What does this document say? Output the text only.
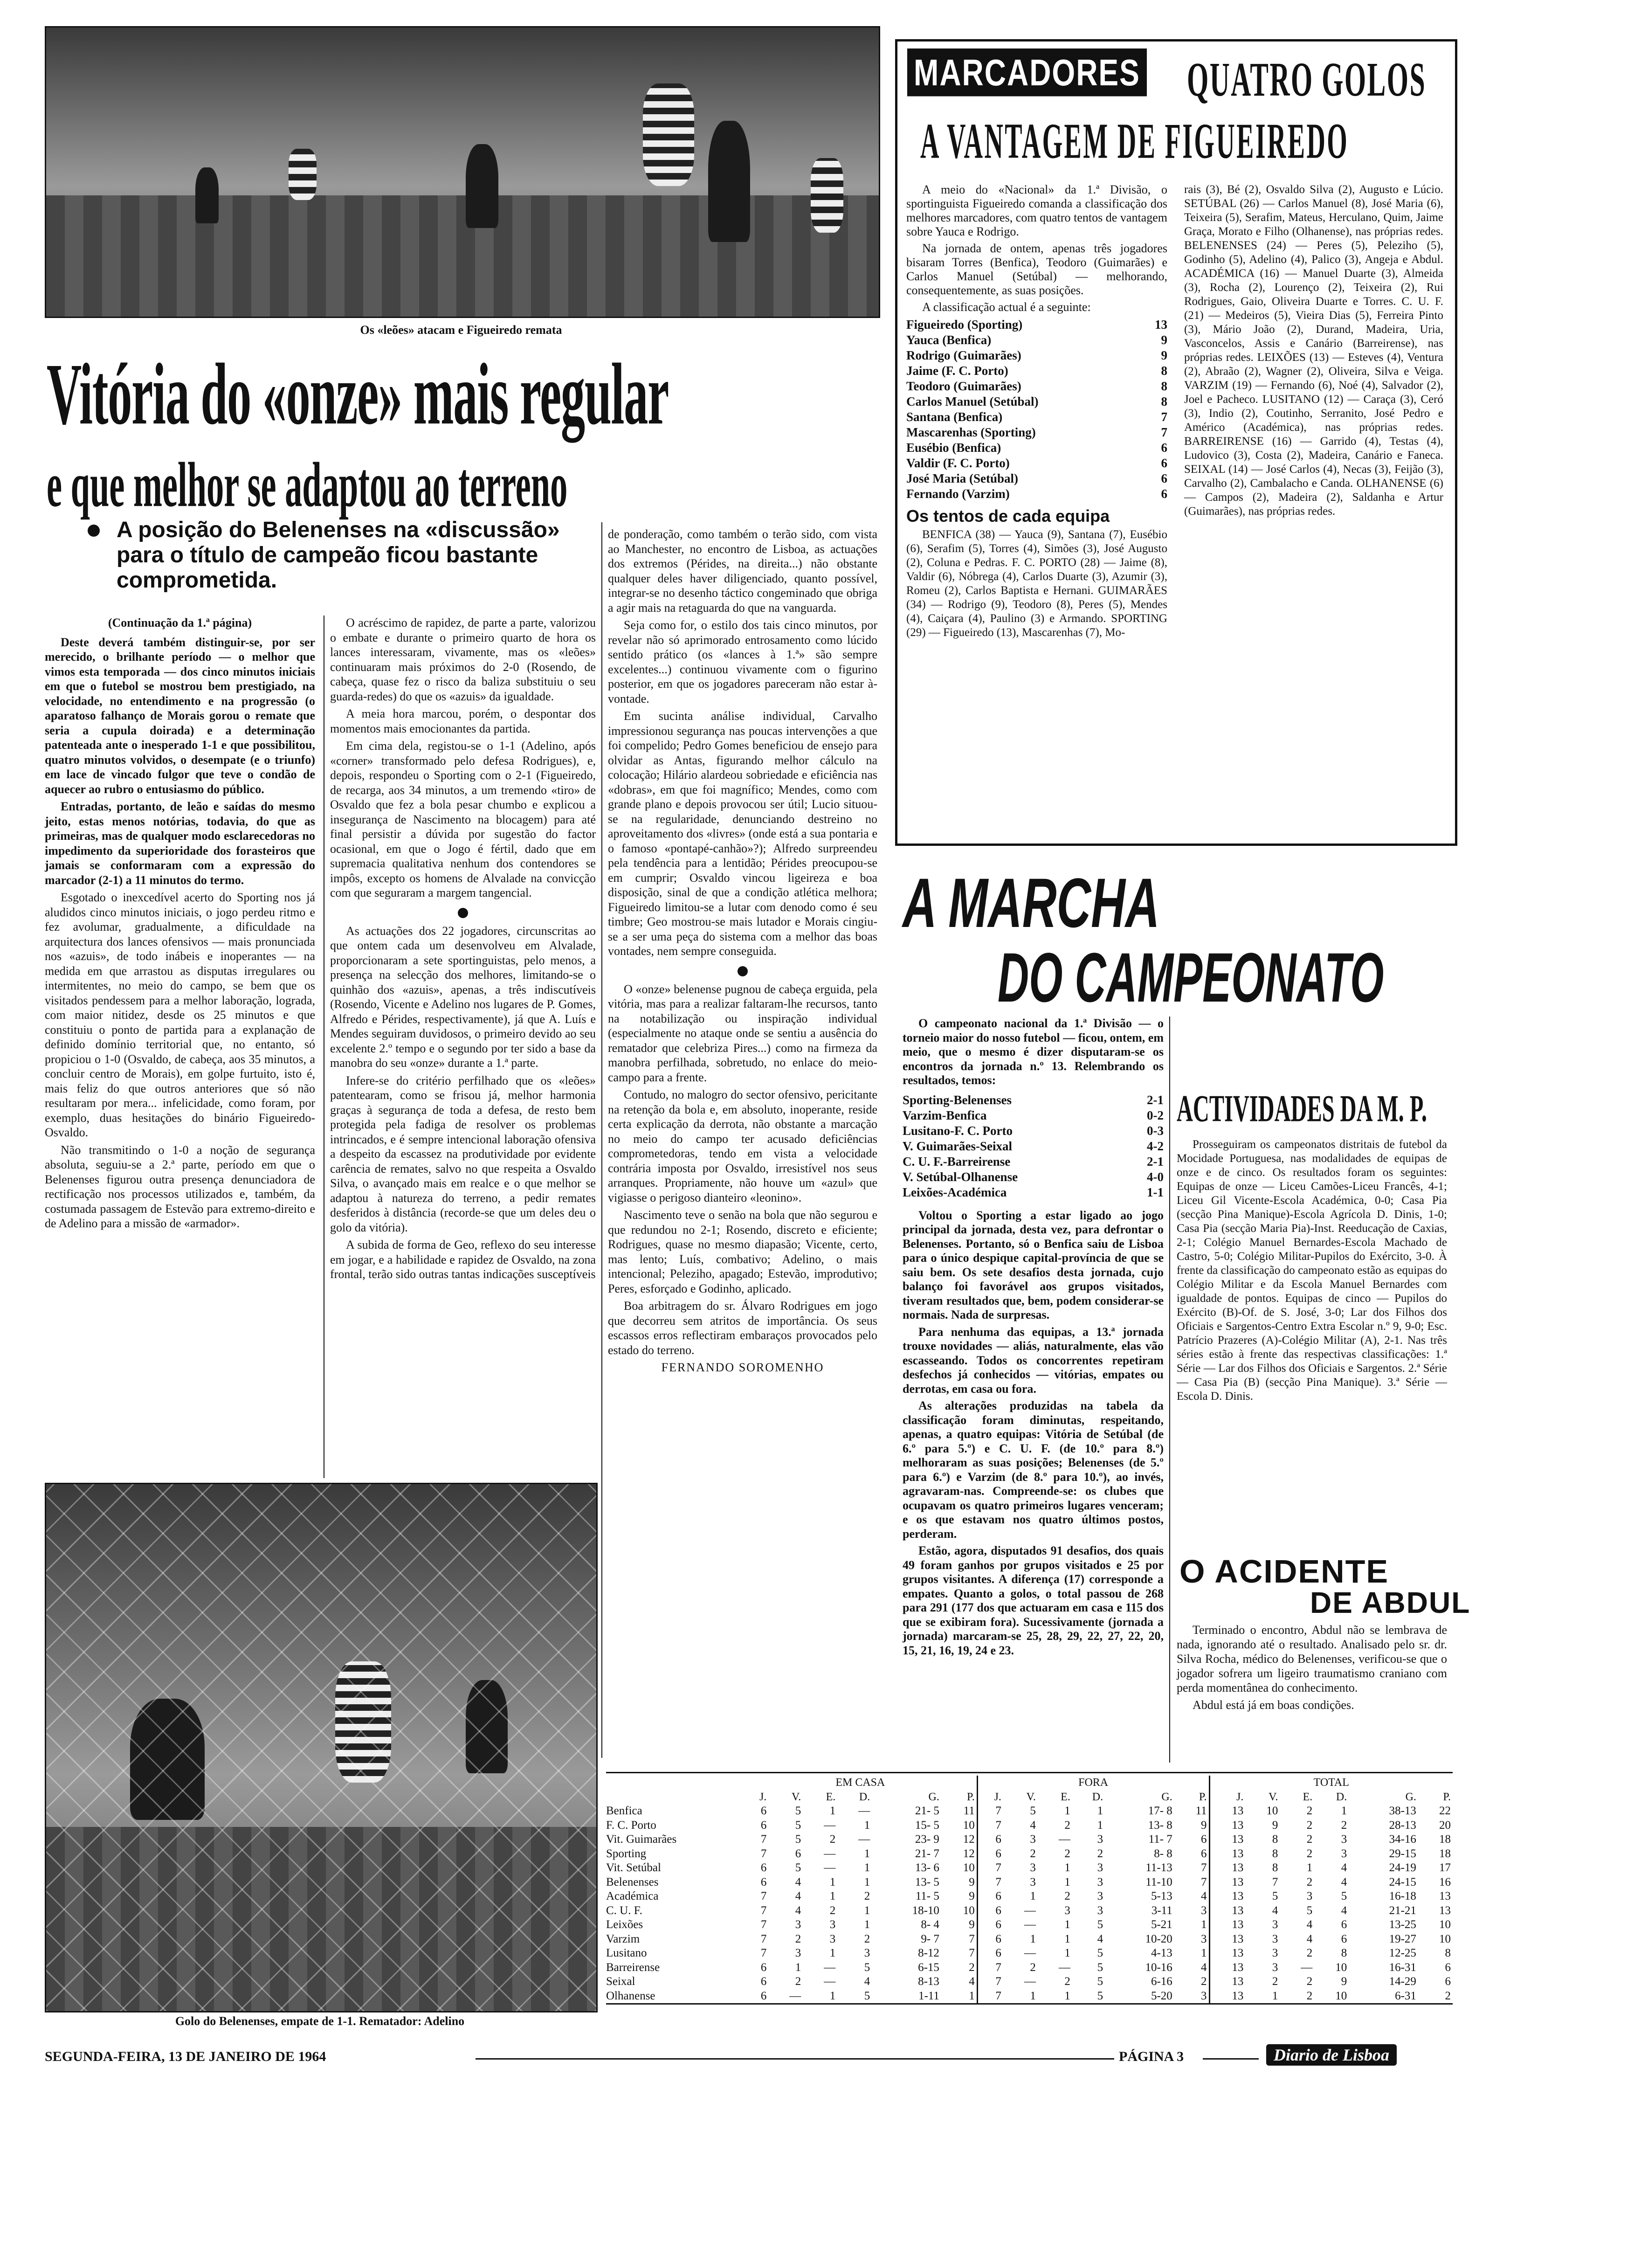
Os «leões» atacam e Figueiredo remata
Vitória do «onze» mais regular
e que melhor se adaptou ao terreno
A posição do Belenenses na «discussão» para o título de campeão ficou bastante comprometida.
(Continuação da 1.ª página)

Deste deverá também distinguir-se, por ser merecido, o brilhante período — o melhor que vimos esta temporada — dos cinco minutos iniciais em que o futebol se mostrou bem prestigiado, na velocidade, no entendimento e na progressão (o aparatoso falhanço de Morais gorou o remate que seria a cupula doirada) e a determinação patenteada ante o inesperado 1-1 e que possibilitou, quatro minutos volvidos, o desempate (e o triunfo) em lace de vincado fulgor que teve o condão de aquecer ao rubro o entusiasmo do público.

Entradas, portanto, de leão e saídas do mesmo jeito, estas menos notórias, todavia, do que as primeiras, mas de qualquer modo esclarecedoras no impedimento da superioridade dos forasteiros que jamais se conformaram com a expressão do marcador (2-1) a 11 minutos do termo.

Esgotado o inexcedível acerto do Sporting nos já aludidos cinco minutos iniciais, o jogo perdeu ritmo e fez avolumar, gradualmente, a dificuldade na arquitectura dos lances ofensivos — mais pronunciada nos «azuis», de todo inábeis e inoperantes — na medida em que arrastou as disputas irregulares ou intermitentes, no meio do campo, se bem que os visitados pendessem para a melhor laboração, lograda, com maior nitidez, desde os 25 minutos e que constituiu o ponto de partida para a explanação de definido domínio territorial que, no entanto, só propiciou o 1-0 (Osvaldo, de cabeça, aos 35 minutos, a concluir centro de Morais), em golpe furtuito, isto é, mais feliz do que outros anteriores que só não resultaram por mera... infelicidade, como foram, por exemplo, duas hesitações do binário Figueiredo-Osvaldo.

Não transmitindo o 1-0 a noção de segurança absoluta, seguiu-se a 2.ª parte, período em que o Belenenses figurou outra presença denunciadora de rectificação nos processos utilizados e, também, da costumada passagem de Estevão para extremo-direito e de Adelino para a missão de «armador».

O acréscimo de rapidez, de parte a parte, valorizou o embate e durante o primeiro quarto de hora os lances interessaram, vivamente, mas os «leões» continuaram mais próximos do 2-0 (Rosendo, de cabeça, quase fez o risco da baliza substituiu o seu guarda-redes) do que os «azuis» da igualdade.

A meia hora marcou, porém, o despontar dos momentos mais emocionantes da partida.

Em cima dela, registou-se o 1-1 (Adelino, após «corner» transformado pelo defesa Rodrigues), e, depois, respondeu o Sporting com o 2-1 (Figueiredo, de recarga, aos 34 minutos, a um tremendo «tiro» de Osvaldo que fez a bola pesar chumbo e explicou a insegurança de Nascimento na blocagem) para até final persistir a dúvida por sugestão do factor ocasional, em que o Jogo é fértil, dado que em supremacia qualitativa nenhum dos contendores se impôs, excepto os homens de Alvalade na convicção com que seguraram a margem tangencial.

As actuações dos 22 jogadores, circunscritas ao que ontem cada um desenvolveu em Alvalade, proporcionaram a sete sportinguistas, pelo menos, a presença na selecção dos melhores, limitando-se o quinhão dos «azuis», apenas, a três indiscutíveis (Rosendo, Vicente e Adelino nos lugares de P. Gomes, Alfredo e Pérides, respectivamente), já que A. Luís e Mendes seguiram duvidosos, o primeiro devido ao seu excelente 2.º tempo e o segundo por ter sido a base da manobra do seu «onze» durante a 1.ª parte.

Infere-se do critério perfilhado que os «leões» patentearam, como se frisou já, melhor harmonia graças à segurança de toda a defesa, de resto bem protegida pela fadiga de resolver os problemas intrincados, e é sempre intencional laboração ofensiva a despeito da escassez na produtividade por evidente carência de remates, salvo no que respeita a Osvaldo Silva, o avançado mais em realce e o que melhor se adaptou à natureza do terreno, a pedir remates desferidos à distância (recorde-se que um deles deu o golo da vitória).

A subida de forma de Geo, reflexo do seu interesse em jogar, e a habilidade e rapidez de Osvaldo, na zona frontal, terão sido outras tantas indicações susceptíveis

de ponderação, como também o terão sido, com vista ao Manchester, no encontro de Lisboa, as actuações dos extremos (Pérides, na direita...) não obstante qualquer deles haver diligenciado, quanto possível, integrar-se no desenho táctico congeminado que obriga a agir mais na retaguarda do que na vanguarda.

Seja como for, o estilo dos tais cinco minutos, por revelar não só aprimorado entrosamento como lúcido sentido prático (os «lances à 1.ª» são sempre excelentes...) continuou vivamente com o figurino posterior, em que os jogadores pareceram não estar à-vontade.

Em sucinta análise individual, Carvalho impressionou segurança nas poucas intervenções a que foi compelido; Pedro Gomes beneficiou de ensejo para olvidar as Antas, figurando melhor cálculo na colocação; Hilário alardeou sobriedade e eficiência nas «dobras», em que foi magnífico; Mendes, como com grande plano e depois provocou ser útil; Lucio situou-se na regularidade, denunciando destreino no aproveitamento dos «livres» (onde está a sua pontaria e o famoso «pontapé-canhão»?); Alfredo surpreendeu pela tendência para a lentidão; Pérides preocupou-se em cumprir; Osvaldo vincou ligeireza e boa disposição, sinal de que a condição atlética melhora; Figueiredo limitou-se a lutar com denodo como é seu timbre; Geo mostrou-se mais lutador e Morais cingiu-se a ser uma peça do sistema com a melhor das boas vontades, nem sempre conseguida.

O «onze» belenense pugnou de cabeça erguida, pela vitória, mas para a realizar faltaram-lhe recursos, tanto na notabilização ou inspiração individual (especialmente no ataque onde se sentiu a ausência do rematador que celebriza Pires...) como na firmeza da manobra perfilhada, sobretudo, no enlace do meio-campo para a frente.

Contudo, no malogro do sector ofensivo, pericitante na retenção da bola e, em absoluto, inoperante, reside certa explicação da derrota, não obstante a marcação no meio do campo ter acusado deficiências comprometedoras, tendo em vista a velocidade contrária imposta por Osvaldo, irresistível nos seus arranques. Propriamente, não houve um «azul» que vigiasse o perigoso dianteiro «leonino».

Nascimento teve o senão na bola que não segurou e que redundou no 2-1; Rosendo, discreto e eficiente; Rodrigues, quase no mesmo diapasão; Vicente, certo, mas lento; Luís, combativo; Adelino, o mais intencional; Peleziho, apagado; Estevão, improdutivo; Peres, esforçado e Godinho, aplicado.

Boa arbitragem do sr. Álvaro Rodrigues em jogo que decorreu sem atritos de importância. Os seus escassos erros reflectiram embaraços provocados pelo estado do terreno.

FERNANDO SOROMENHO
Golo do Belenenses, empate de 1-1. Rematador: Adelino
MARCADORES QUATRO GOLOS
A VANTAGEM DE FIGUEIREDO

A meio do «Nacional» da 1.ª Divisão, o sportinguista Figueiredo comanda a classificação dos melhores marcadores, com quatro tentos de vantagem sobre Yauca e Rodrigo.

Na jornada de ontem, apenas três jogadores bisaram Torres (Benfica), Teodoro (Guimarães) e Carlos Manuel (Setúbal) — melhorando, consequentemente, as suas posições.

A classificação actual é a seguinte:

Figueiredo (Sporting)	13
Yauca (Benfica)	9
Rodrigo (Guimarães)	9
Jaime (F. C. Porto)	8
Teodoro (Guimarães)	8
Carlos Manuel (Setúbal)	8
Santana (Benfica)	7
Mascarenhas (Sporting)	7
Eusébio (Benfica)	6
Valdir (F. C. Porto)	6
José Maria (Setúbal)	6
Fernando (Varzim)	6
Os tentos de cada equipa

BENFICA (38) — Yauca (9), Santana (7), Eusébio (6), Serafim (5), Torres (4), Simões (3), José Augusto (2), Coluna e Pedras. F. C. PORTO (28) — Jaime (8), Valdir (6), Nóbrega (4), Carlos Duarte (3), Azumir (3), Romeu (2), Carlos Baptista e Hernani. GUIMARÃES (34) — Rodrigo (9), Teodoro (8), Peres (5), Mendes (4), Caiçara (4), Paulino (3) e Armando. SPORTING (29) — Figueiredo (13), Mascarenhas (7), Mo-

rais (3), Bé (2), Osvaldo Silva (2), Augusto e Lúcio. SETÚBAL (26) — Carlos Manuel (8), José Maria (6), Teixeira (5), Serafim, Mateus, Herculano, Quim, Jaime Graça, Morato e Filho (Olhanense), nas próprias redes. BELENENSES (24) — Peres (5), Peleziho (5), Godinho (5), Adelino (4), Palico (3), Angeja e Abdul. ACADÉMICA (16) — Manuel Duarte (3), Almeida (3), Rocha (2), Lourenço (2), Teixeira (2), Rui Rodrigues, Gaio, Oliveira Duarte e Torres. C. U. F. (21) — Medeiros (5), Vieira Dias (5), Ferreira Pinto (3), Mário João (2), Durand, Madeira, Uria, Vasconcelos, Assis e Canário (Barreirense), nas próprias redes. LEIXÕES (13) — Esteves (4), Ventura (2), Abraão (2), Wagner (2), Oliveira, Silva e Veiga. VARZIM (19) — Fernando (6), Noé (4), Salvador (2), Joel e Pacheco. LUSITANO (12) — Caraça (3), Ceró (3), Indio (2), Coutinho, Serranito, José Pedro e Américo (Académica), nas próprias redes. BARREIRENSE (16) — Garrido (4), Testas (4), Ludovico (3), Costa (2), Madeira, Canário e Faneca. SEIXAL (14) — José Carlos (4), Necas (3), Feijão (3), Carvalho (2), Cambalacho e Canda. OLHANENSE (6) — Campos (2), Madeira (2), Saldanha e Artur (Guimarães), nas próprias redes.

A MARCHA
DO CAMPEONATO

O campeonato nacional da 1.ª Divisão — o torneio maior do nosso futebol — ficou, ontem, em meio, que o mesmo é dizer disputaram-se os encontros da jornada n.º 13. Relembrando os resultados, temos:

Sporting-Belenenses	2-1
Varzim-Benfica	0-2
Lusitano-F. C. Porto	0-3
V. Guimarães-Seixal	4-2
C. U. F.-Barreirense	2-1
V. Setúbal-Olhanense	4-0
Leixões-Académica	1-1

Voltou o Sporting a estar ligado ao jogo principal da jornada, desta vez, para defrontar o Belenenses. Portanto, só o Benfica saiu de Lisboa para o único despique capital-província de que se saiu bem. Os sete desafios desta jornada, cujo balanço foi favorável aos grupos visitados, tiveram resultados que, bem, podem considerar-se normais. Nada de surpresas.

Para nenhuma das equipas, a 13.ª jornada trouxe novidades — aliás, naturalmente, elas vão escasseando. Todos os concorrentes repetiram desfechos já conhecidos — vitórias, empates ou derrotas, em casa ou fora.

As alterações produzidas na tabela da classificação foram diminutas, respeitando, apenas, a quatro equipas: Vitória de Setúbal (de 6.º para 5.º) e C. U. F. (de 10.º para 8.º) melhoraram as suas posições; Belenenses (de 5.º para 6.º) e Varzim (de 8.º para 10.º), ao invés, agravaram-nas. Compreende-se: os clubes que ocupavam os quatro primeiros lugares venceram; e os que estavam nos quatro últimos postos, perderam.

Estão, agora, disputados 91 desafios, dos quais 49 foram ganhos por grupos visitados e 25 por grupos visitantes. A diferença (17) corresponde a empates. Quanto a golos, o total passou de 268 para 291 (177 dos que actuaram em casa e 115 dos que se exibiram fora). Sucessivamente (jornada a jornada) marcaram-se 25, 28, 29, 22, 27, 22, 20, 15, 21, 16, 19, 24 e 23.

ACTIVIDADES DA M. P.

Prosseguiram os campeonatos distritais de futebol da Mocidade Portuguesa, nas modalidades de equipas de onze e de cinco. Os resultados foram os seguintes: Equipas de onze — Liceu Camões-Liceu Francês, 4-1; Liceu Gil Vicente-Escola Académica, 0-0; Casa Pia (secção Pina Manique)-Escola Agrícola D. Dinis, 1-0; Casa Pia (secção Maria Pia)-Inst. Reeducação de Caxias, 2-1; Colégio Manuel Bernardes-Escola Machado de Castro, 5-0; Colégio Militar-Pupilos do Exército, 3-0. À frente da classificação do campeonato estão as equipas do Colégio Militar e da Escola Manuel Bernardes com igualdade de pontos. Equipas de cinco — Pupilos do Exército (B)-Of. de S. José, 3-0; Lar dos Filhos dos Oficiais e Sargentos-Centro Extra Escolar n.º 9, 9-0; Esc. Patrício Prazeres (A)-Colégio Militar (A), 2-1. Nas três séries estão à frente das respectivas classificações: 1.ª Série — Lar dos Filhos dos Oficiais e Sargentos. 2.ª Série — Casa Pia (B) (secção Pina Manique). 3.ª Série — Escola D. Dinis.

O ACIDENTE
DE ABDUL

Terminado o encontro, Abdul não se lembrava de nada, ignorando até o resultado. Analisado pelo sr. dr. Silva Rocha, médico do Belenenses, verificou-se que o jogador sofrera um ligeiro traumatismo craniano com perda momentânea do conhecimento.

Abdul está já em boas condições.

	EM CASA						FORA						TOTAL					
	J.	V.	E.	D.	G.	P.	J.	V.	E.	D.	G.	P.	J.	V.	E.	D.	G.	P.
Benfica	6	5	1	—	21- 5	11	7	5	1	1	17- 8	11	13	10	2	1	38-13	22
F. C. Porto	6	5	—	1	15- 5	10	7	4	2	1	13- 8	9	13	9	2	2	28-13	20
Vit. Guimarães	7	5	2	—	23- 9	12	6	3	—	3	11- 7	6	13	8	2	3	34-16	18
Sporting	7	6	—	1	21- 7	12	6	2	2	2	8- 8	6	13	8	2	3	29-15	18
Vit. Setúbal	6	5	—	1	13- 6	10	7	3	1	3	11-13	7	13	8	1	4	24-19	17
Belenenses	6	4	1	1	13- 5	9	7	3	1	3	11-10	7	13	7	2	4	24-15	16
Académica	7	4	1	2	11- 5	9	6	1	2	3	5-13	4	13	5	3	5	16-18	13
C. U. F.	7	4	2	1	18-10	10	6	—	3	3	3-11	3	13	4	5	4	21-21	13
Leixões	7	3	3	1	8- 4	9	6	—	1	5	5-21	1	13	3	4	6	13-25	10
Varzim	7	2	3	2	9- 7	7	6	1	1	4	10-20	3	13	3	4	6	19-27	10
Lusitano	7	3	1	3	8-12	7	6	—	1	5	4-13	1	13	3	2	8	12-25	8
Barreirense	6	1	—	5	6-15	2	7	2	—	5	10-16	4	13	3	—	10	16-31	6
Seixal	6	2	—	4	8-13	4	7	—	2	5	6-16	2	13	2	2	9	14-29	6
Olhanense	6	—	1	5	1-11	1	7	1	1	5	5-20	3	13	1	2	10	6-31	2
SEGUNDA-FEIRA, 13 DE JANEIRO DE 1964	PÁGINA 3	Diario de Lisboa
